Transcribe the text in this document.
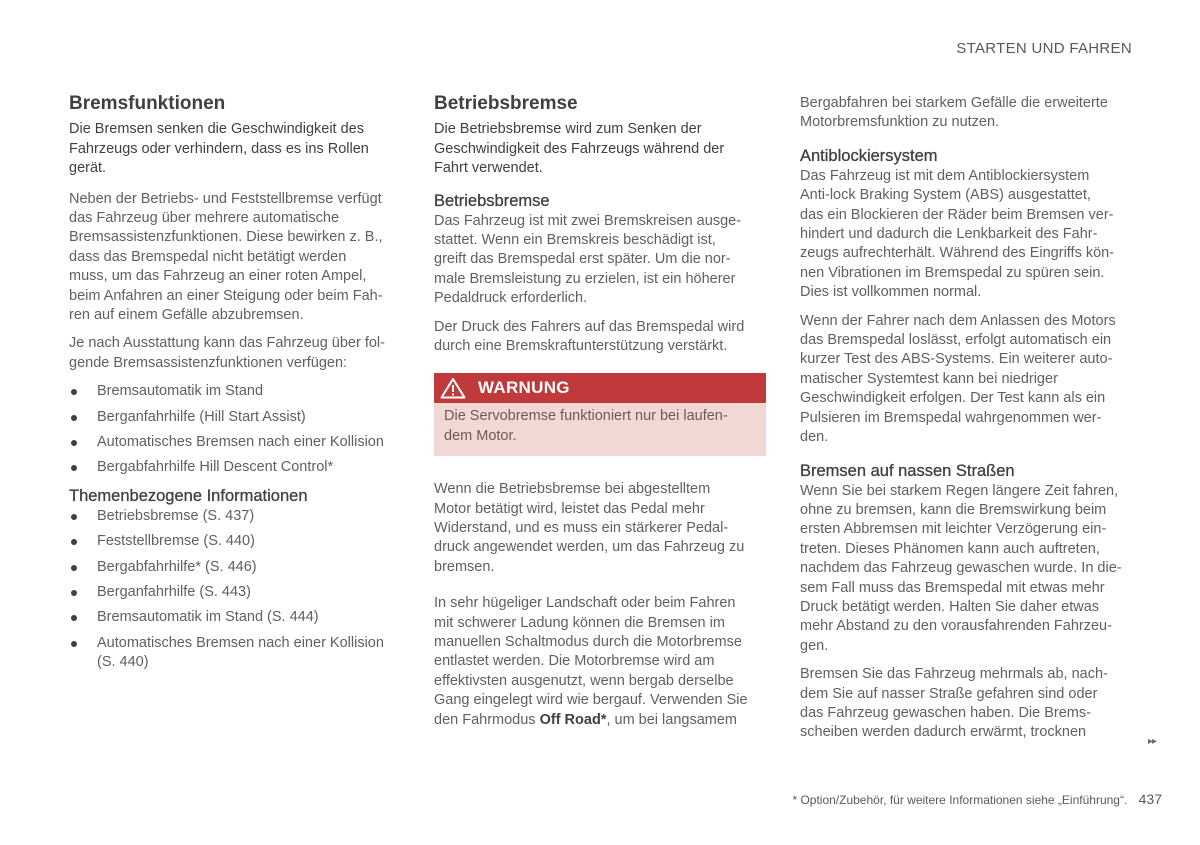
STARTEN UND FAHREN
Bremsfunktionen

Die Bremsen senken die Geschwindigkeit des
Fahrzeugs oder verhindern, dass es ins Rollen
gerät.

Neben der Betriebs- und Feststellbremse verfügt
das Fahrzeug über mehrere automatische
Bremsassistenzfunktionen. Diese bewirken z. B.,
dass das Bremspedal nicht betätigt werden
muss, um das Fahrzeug an einer roten Ampel,
beim Anfahren an einer Steigung oder beim Fah-
ren auf einem Gefälle abzubremsen.

Je nach Ausstattung kann das Fahrzeug über fol-
gende Bremsassistenzfunktionen verfügen:

Bremsautomatik im Stand
Berganfahrhilfe (Hill Start Assist)
Automatisches Bremsen nach einer Kollision
Bergabfahrhilfe Hill Descent Control*
Themenbezogene Informationen
Betriebsbremse (S. 437)
Feststellbremse (S. 440)
Bergabfahrhilfe* (S. 446)
Berganfahrhilfe (S. 443)
Bremsautomatik im Stand (S. 444)
Automatisches Bremsen nach einer Kollision
(S. 440)
Betriebsbremse

Die Betriebsbremse wird zum Senken der
Geschwindigkeit des Fahrzeugs während der
Fahrt verwendet.

Betriebsbremse

Das Fahrzeug ist mit zwei Bremskreisen ausge-
stattet. Wenn ein Bremskreis beschädigt ist,
greift das Bremspedal erst später. Um die nor-
male Bremsleistung zu erzielen, ist ein höherer
Pedaldruck erforderlich.

Der Druck des Fahrers auf das Bremspedal wird
durch eine Bremskraftunterstützung verstärkt.

WARNUNG
Die Servobremse funktioniert nur bei laufen-
dem Motor.

Wenn die Betriebsbremse bei abgestelltem
Motor betätigt wird, leistet das Pedal mehr
Widerstand, und es muss ein stärkerer Pedal-
druck angewendet werden, um das Fahrzeug zu
bremsen.

In sehr hügeliger Landschaft oder beim Fahren
mit schwerer Ladung können die Bremsen im
manuellen Schaltmodus durch die Motorbremse
entlastet werden. Die Motorbremse wird am
effektivsten ausgenutzt, wenn bergab derselbe
Gang eingelegt wird wie bergauf. Verwenden Sie
den Fahrmodus Off Road*, um bei langsamem

Bergabfahren bei starkem Gefälle die erweiterte
Motorbremsfunktion zu nutzen.

Antiblockiersystem

Das Fahrzeug ist mit dem Antiblockiersystem
Anti-lock Braking System (ABS) ausgestattet,
das ein Blockieren der Räder beim Bremsen ver-
hindert und dadurch die Lenkbarkeit des Fahr-
zeugs aufrechterhält. Während des Eingriffs kön-
nen Vibrationen im Bremspedal zu spüren sein.
Dies ist vollkommen normal.

Wenn der Fahrer nach dem Anlassen des Motors
das Bremspedal loslässt, erfolgt automatisch ein
kurzer Test des ABS-Systems. Ein weiterer auto-
matischer Systemtest kann bei niedriger
Geschwindigkeit erfolgen. Der Test kann als ein
Pulsieren im Bremspedal wahrgenommen wer-
den.

Bremsen auf nassen Straßen

Wenn Sie bei starkem Regen längere Zeit fahren,
ohne zu bremsen, kann die Bremswirkung beim
ersten Abbremsen mit leichter Verzögerung ein-
treten. Dieses Phänomen kann auch auftreten,
nachdem das Fahrzeug gewaschen wurde. In die-
sem Fall muss das Bremspedal mit etwas mehr
Druck betätigt werden. Halten Sie daher etwas
mehr Abstand zu den vorausfahrenden Fahrzeu-
gen.

Bremsen Sie das Fahrzeug mehrmals ab, nach-
dem Sie auf nasser Straße gefahren sind oder
das Fahrzeug gewaschen haben. Die Brems-
scheiben werden dadurch erwärmt, trocknen

▸▸
* Option/Zubehör, für weitere Informationen siehe „Einführung“. 437
